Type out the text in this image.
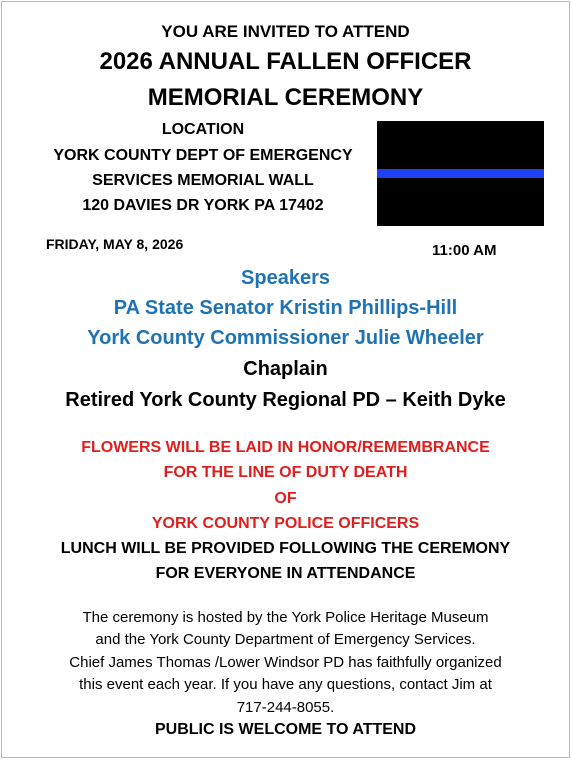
YOU ARE INVITED TO ATTEND

2026 ANNUAL FALLEN OFFICER

MEMORIAL CEREMONY

LOCATION

YORK COUNTY DEPT OF EMERGENCY

SERVICES MEMORIAL WALL

120 DAVIES DR YORK PA 17402

FRIDAY, MAY 8, 2026	11:00 AM

Speakers

PA State Senator Kristin Phillips-Hill

York County Commissioner Julie Wheeler

Chaplain

Retired York County Regional PD – Keith Dyke

FLOWERS WILL BE LAID IN HONOR/REMEMBRANCE

FOR THE LINE OF DUTY DEATH

OF

YORK COUNTY POLICE OFFICERS

LUNCH WILL BE PROVIDED FOLLOWING THE CEREMONY

FOR EVERYONE IN ATTENDANCE

The ceremony is hosted by the York Police Heritage Museum

and the York County Department of Emergency Services.

Chief James Thomas /Lower Windsor PD has faithfully organized

this event each year. If you have any questions, contact Jim at

717-244-8055.

PUBLIC IS WELCOME TO ATTEND
